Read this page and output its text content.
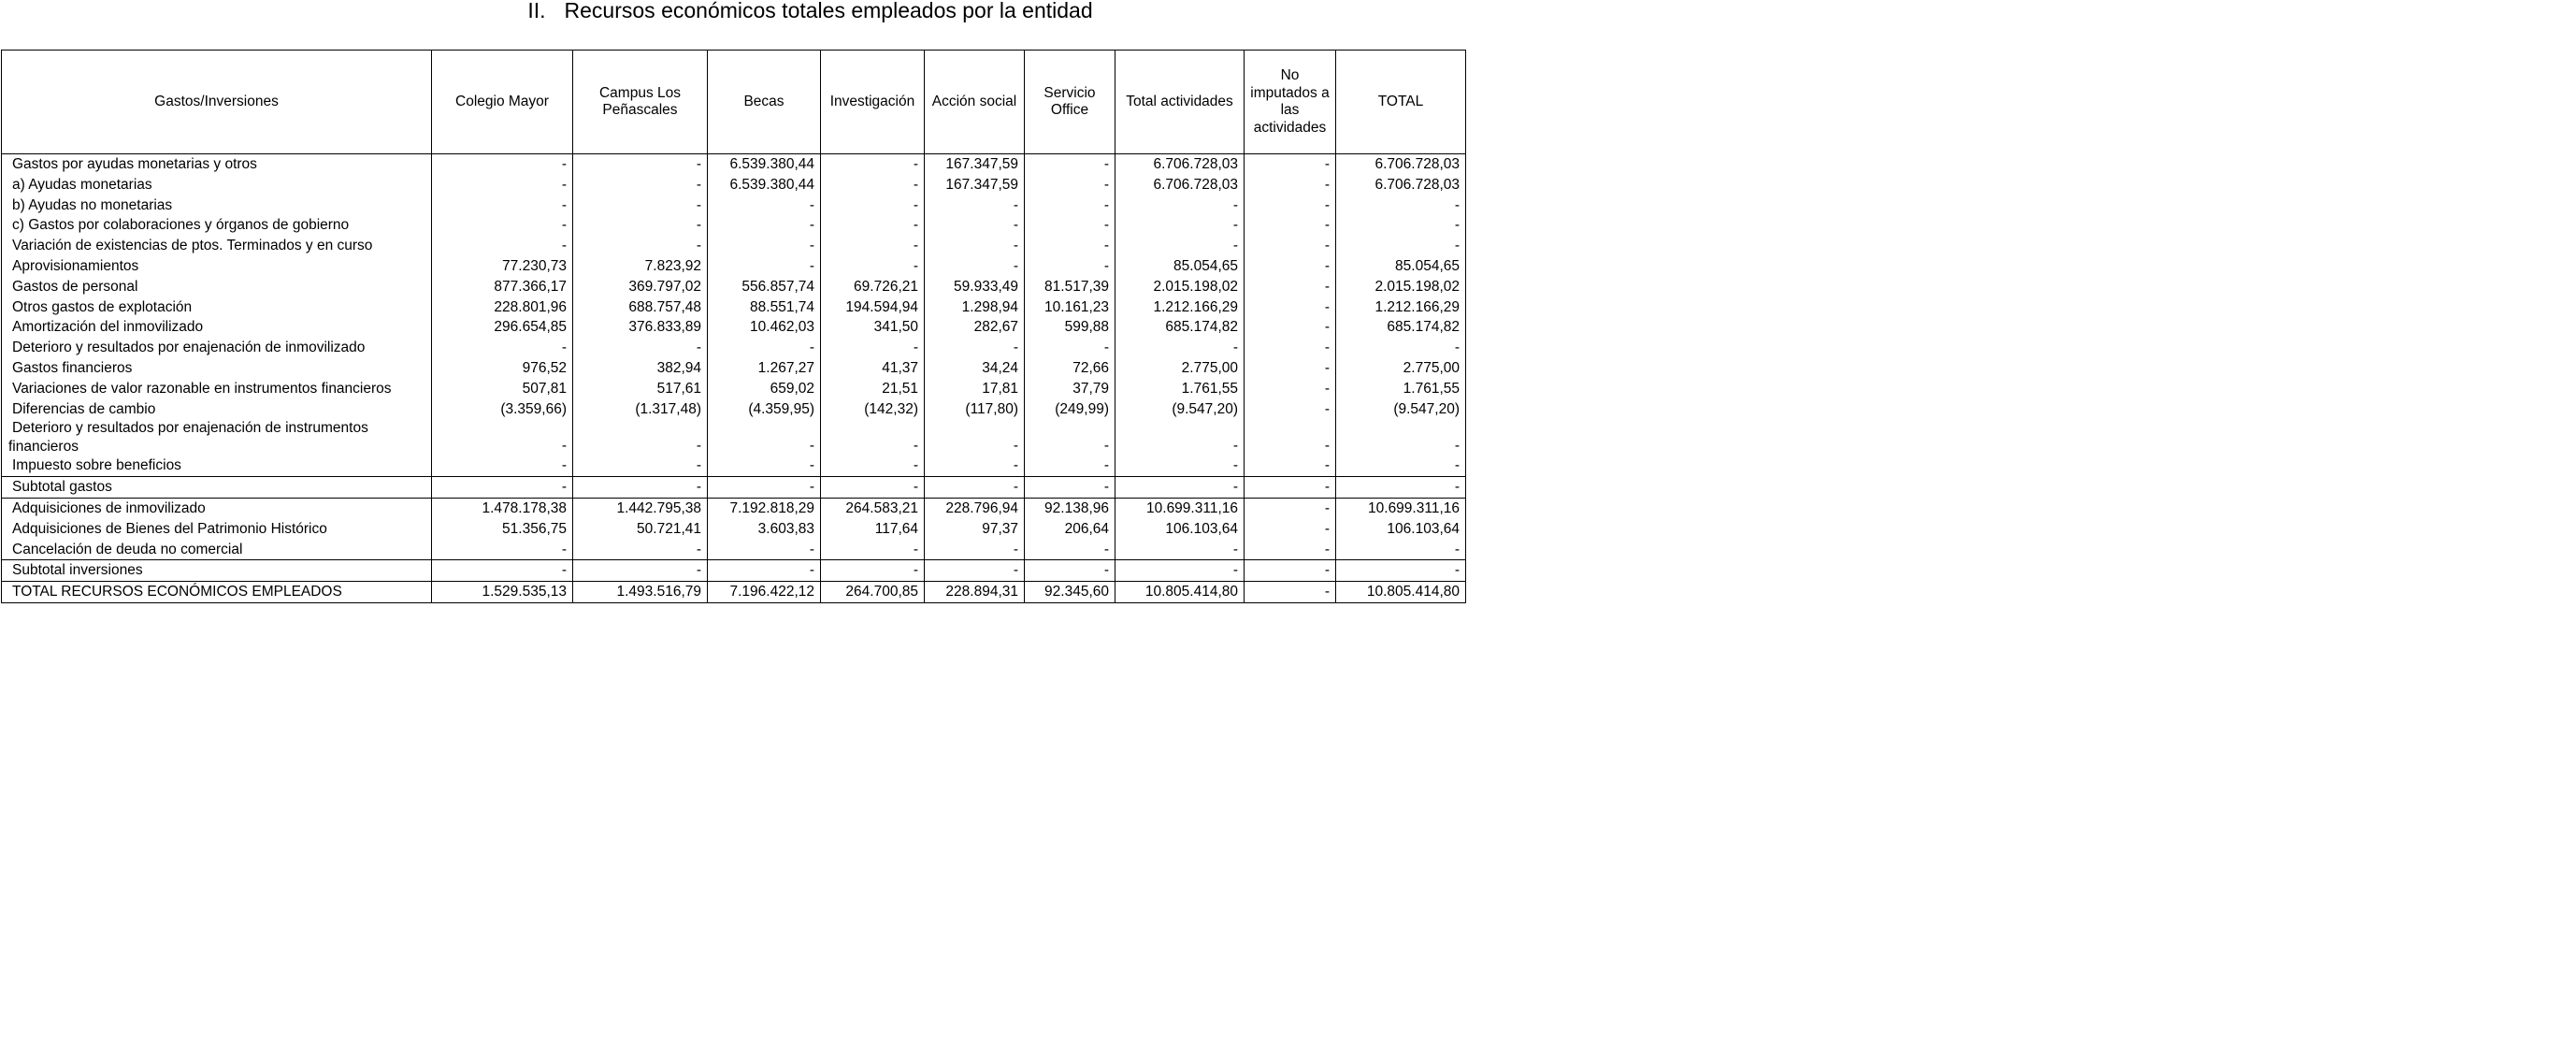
II. Recursos económicos totales empleados por la entidad
Gastos/Inversiones	Colegio Mayor	Campus Los Peñascales	Becas	Investigación	Acción social	Servicio Office	Total actividades	No imputados a las actividades	TOTAL
Gastos por ayudas monetarias y otros	-	-	6.539.380,44	-	167.347,59	-	6.706.728,03	-	6.706.728,03
a) Ayudas monetarias	-	-	6.539.380,44	-	167.347,59	-	6.706.728,03	-	6.706.728,03
b) Ayudas no monetarias	-	-	-	-	-	-	-	-	-
c) Gastos por colaboraciones y órganos de gobierno	-	-	-	-	-	-	-	-	-
Variación de existencias de ptos. Terminados y en curso	-	-	-	-	-	-	-	-	-
Aprovisionamientos	77.230,73	7.823,92	-	-	-	-	85.054,65	-	85.054,65
Gastos de personal	877.366,17	369.797,02	556.857,74	69.726,21	59.933,49	81.517,39	2.015.198,02	-	2.015.198,02
Otros gastos de explotación	228.801,96	688.757,48	88.551,74	194.594,94	1.298,94	10.161,23	1.212.166,29	-	1.212.166,29
Amortización del inmovilizado	296.654,85	376.833,89	10.462,03	341,50	282,67	599,88	685.174,82	-	685.174,82
Deterioro y resultados por enajenación de inmovilizado	-	-	-	-	-	-	-	-	-
Gastos financieros	976,52	382,94	1.267,27	41,37	34,24	72,66	2.775,00	-	2.775,00
Variaciones de valor razonable en instrumentos financieros	507,81	517,61	659,02	21,51	17,81	37,79	1.761,55	-	1.761,55
Diferencias de cambio	(3.359,66)	(1.317,48)	(4.359,95)	(142,32)	(117,80)	(249,99)	(9.547,20)	-	(9.547,20)
Deterioro y resultados por enajenación de instrumentos financieros	-	-	-	-	-	-	-	-	-
Impuesto sobre beneficios	-	-	-	-	-	-	-	-	-
Subtotal gastos	-	-	-	-	-	-	-	-	-
Adquisiciones de inmovilizado	1.478.178,38	1.442.795,38	7.192.818,29	264.583,21	228.796,94	92.138,96	10.699.311,16	-	10.699.311,16
Adquisiciones de Bienes del Patrimonio Histórico	51.356,75	50.721,41	3.603,83	117,64	97,37	206,64	106.103,64	-	106.103,64
Cancelación de deuda no comercial	-	-	-	-	-	-	-	-	-
Subtotal inversiones	-	-	-	-	-	-	-	-	-
TOTAL RECURSOS ECONÓMICOS EMPLEADOS	1.529.535,13	1.493.516,79	7.196.422,12	264.700,85	228.894,31	92.345,60	10.805.414,80	-	10.805.414,80
